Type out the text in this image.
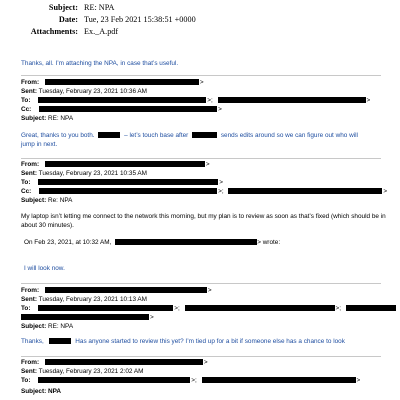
Subject: RE: NPA
Date: Tue, 23 Feb 2021 15:38:51 +0000
Attachments: Ex._A.pdf
Thanks, all. I’m attaching the NPA, in case that’s useful.
From:	>
Sent: Tuesday, February 23, 2021 10:36 AM
To:	>;	>
Cc:	>
Subject: RE: NPA
Great, thanks to you both.	– let’s touch base after	sends edits around so we can figure out who will
jump in next.
From:	>
Sent: Tuesday, February 23, 2021 10:35 AM
To:	>
Cc:	>;	>
Subject: Re: NPA
My laptop isn’t letting me connect to the network this morning, but my plan is to review as soon as that’s fixed (which should be in about 30 minutes).
On Feb 23, 2021, at 10:32 AM,	> wrote:
I will look now.
From:	>
Sent: Tuesday, February 23, 2021 10:13 AM
To:	>;	>;
>
Subject: RE: NPA
Thanks,	Has anyone started to review this yet? I’m tied up for a bit if someone else has a chance to look
From:	>
Sent: Tuesday, February 23, 2021 2:02 AM
To:	>;	>
Subject: NPA
